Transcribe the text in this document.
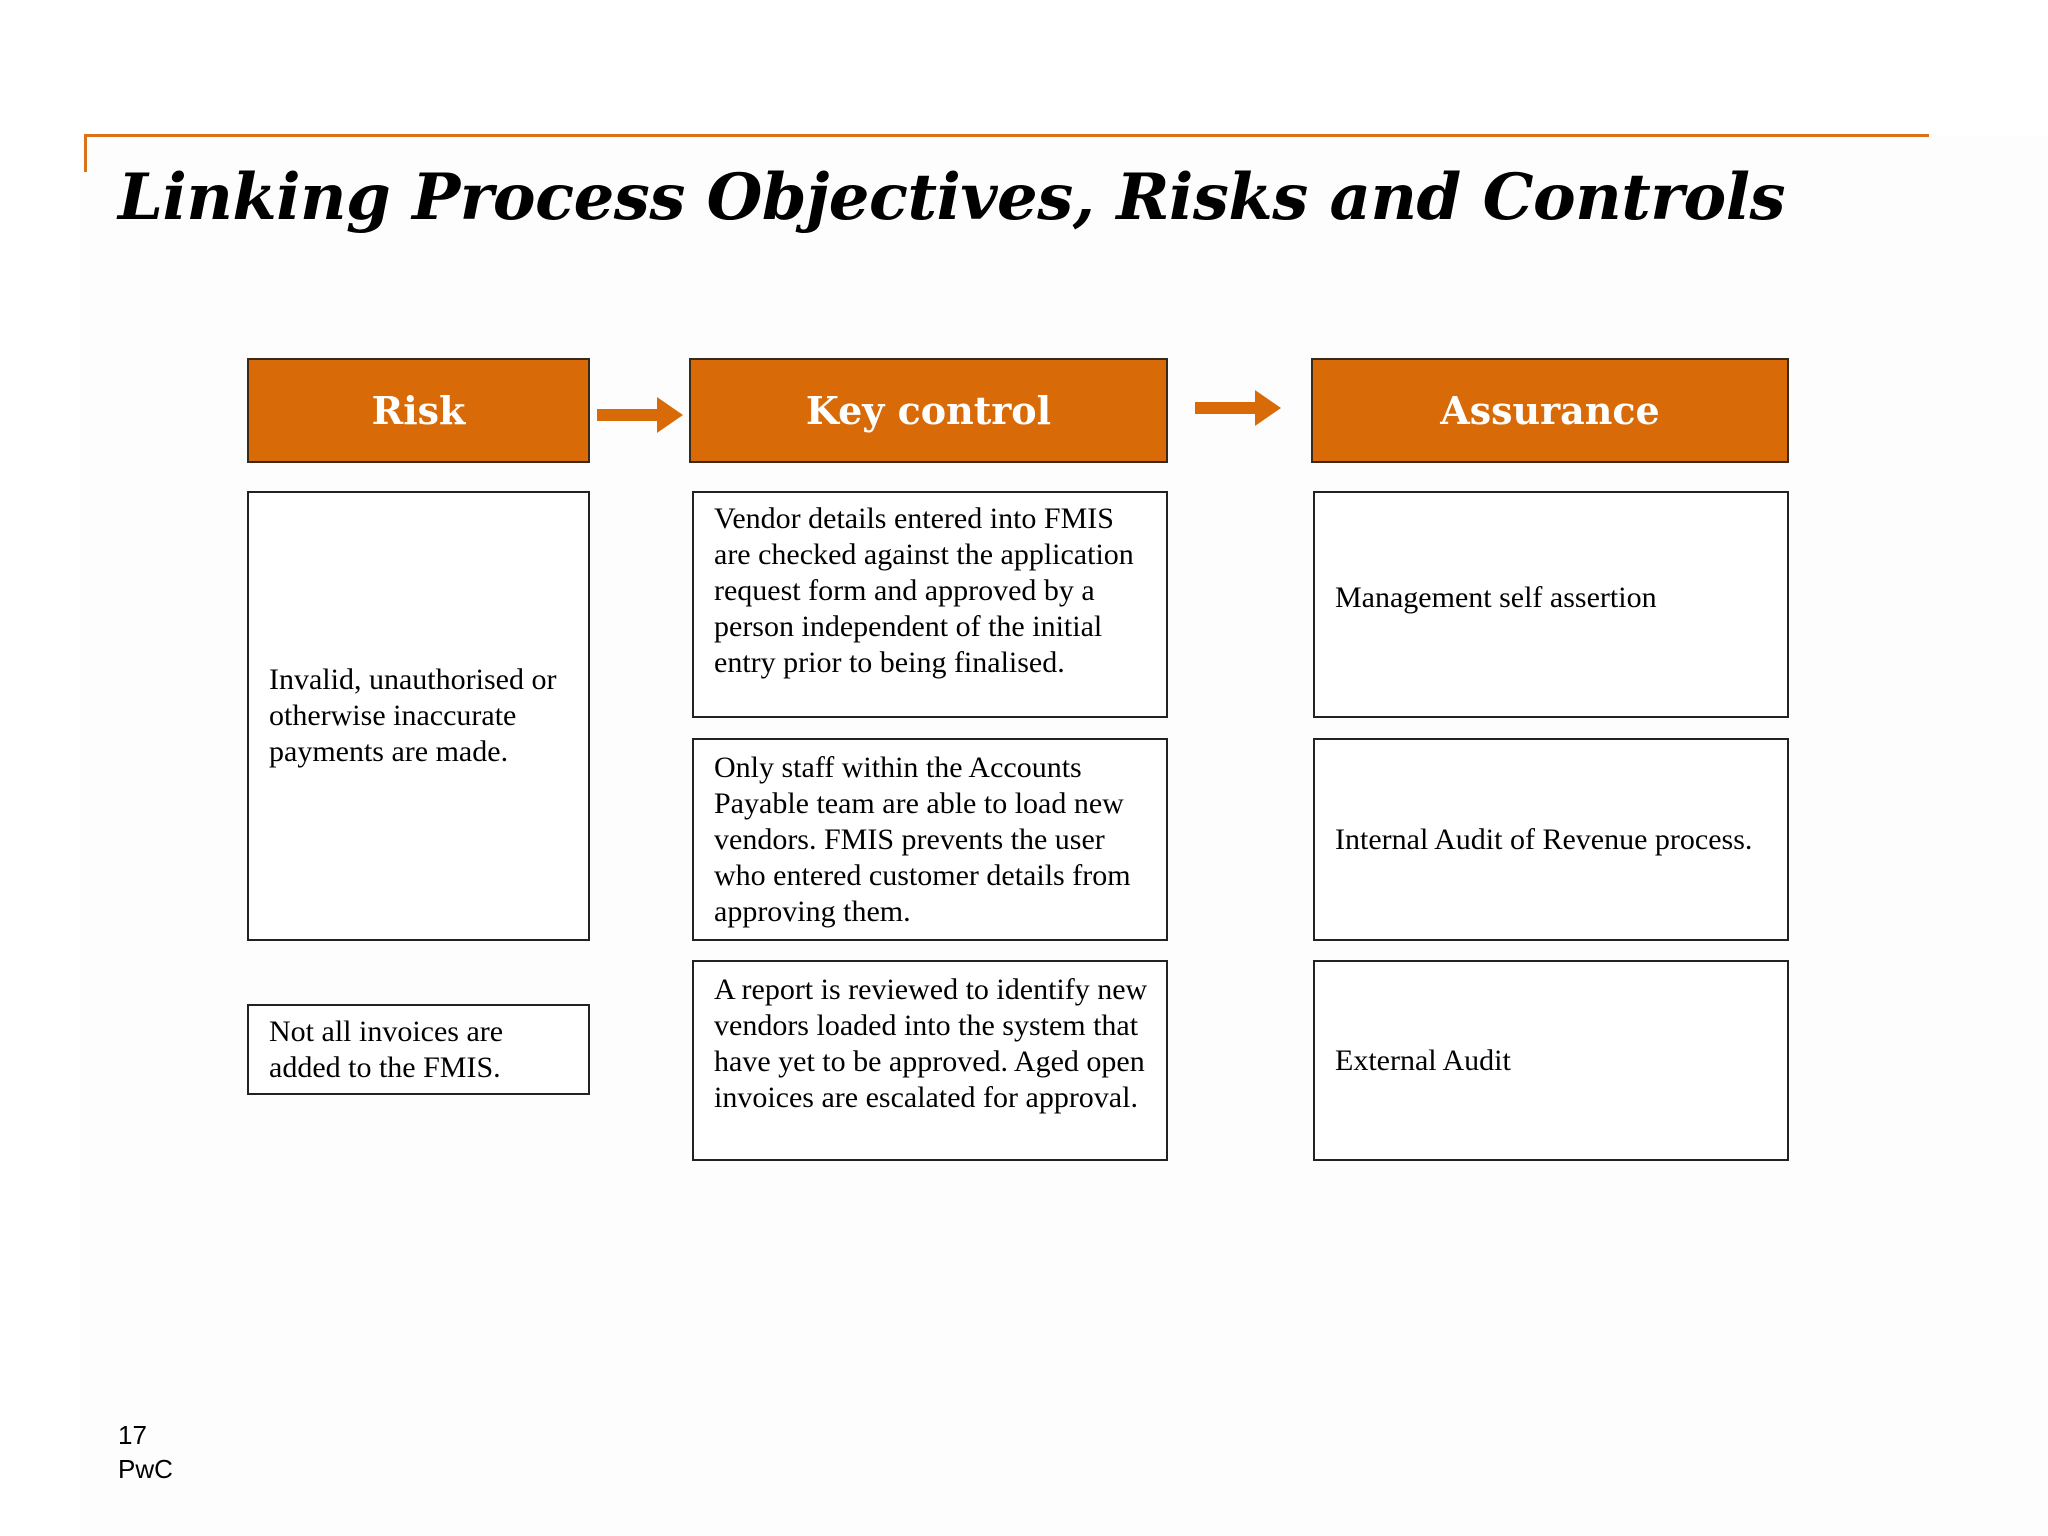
Linking Process Objectives, Risks and Controls
Risk	Key control	Assurance
Invalid, unauthorised or otherwise inaccurate payments are made.
Not all invoices are added to the FMIS.
Vendor details entered into FMIS are checked against the application request form and approved by a person independent of the initial entry prior to being finalised.
Only staff within the Accounts Payable team are able to load new vendors. FMIS prevents the user who entered customer details from approving them.
A report is reviewed to identify new vendors loaded into the system that have yet to be approved. Aged open invoices are escalated for approval.
Management self assertion
Internal Audit of Revenue process.
External Audit
17
PwC
